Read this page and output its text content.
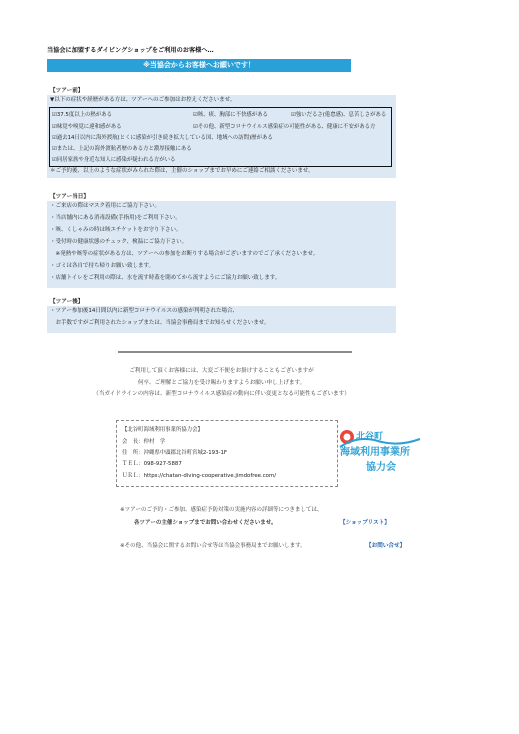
当協会に加盟するダイビングショップをご利用のお客様へ…
※当協会からお客様へお願いです！
【ツアー前】
▼以下の症状や経歴がある方は、ツアーへのご参加はお控えくださいませ。
☑37.5度以上の熱がある	☑咳、痰、胸部に不快感がある	☑強いだるさ(倦怠感)、息苦しさがある
☑味覚や嗅覚に違和感がある	☑その他、新型コロナウイルス感染症の可能性がある、健康に不安がある方
☑過去14日以内に海外渡航(とくに感染が引き続き拡大している国、地域への訪問)歴がある
☑または、上記の海外渡航者歴のある方と濃厚接触にある
☑同居家族や身近な知人に感染が疑われる方がいる
＊ご予約後、以上のような症状がみられた際は、主催のショップまでお早めにご連絡ご相談くださいませ。
【ツアー当日】
・ご来店の際はマスク着用にご協力下さい。
・当店舗内にある消毒設備(手指用)をご利用下さい。
・咳、くしゃみの時は咳エチケットをお守り下さい。
・受付時の健康状態のチェック、検温にご協力下さい。
　※発熱や咳等の症状がある方は、ツアーへの参加をお断りする場合がございますのでご了承くださいませ。
・ゴミは各自で持ち帰りお願い致します。
・店舗トイレをご利用の際は、水を流す時蓋を閉めてから流すようにご協力お願い致します。
【ツアー後】
・ツアー参加後14日間以内に新型コロナウイルスの感染が判明された場合、
　お手数ですがご利用されたショップまたは、当協会事務局までお知らせくださいませ。
ご利用して頂くお客様には、大変ご不便をお掛けすることもございますが
何卒、ご理解とご協力を受け賜わりますようお願い申し上げます。
（当ガイドラインの内容は、新型コロナウイルス感染症の動向に伴い変更となる可能性もございます）
【北谷町海域利用事業所協力会】
会　長：仲村　学
住　所：沖縄県中頭郡北谷町宮城2-193-1F
ＴＥＬ：098-927-5887
ＵＲＬ：https://chatan-diving-cooperative.jimdofree.com/
北谷町
海域利用事業所
協力会
※ツアーのご予約・ご参加、感染症予防対策の実施内容の詳細等につきましては、
各ツアーの主催ショップまでお問い合わせくださいませ。	【ショップリスト】
※その他、当協会に関するお問い合せ等は当協会事務局までお願いします。	【お問い合せ】
